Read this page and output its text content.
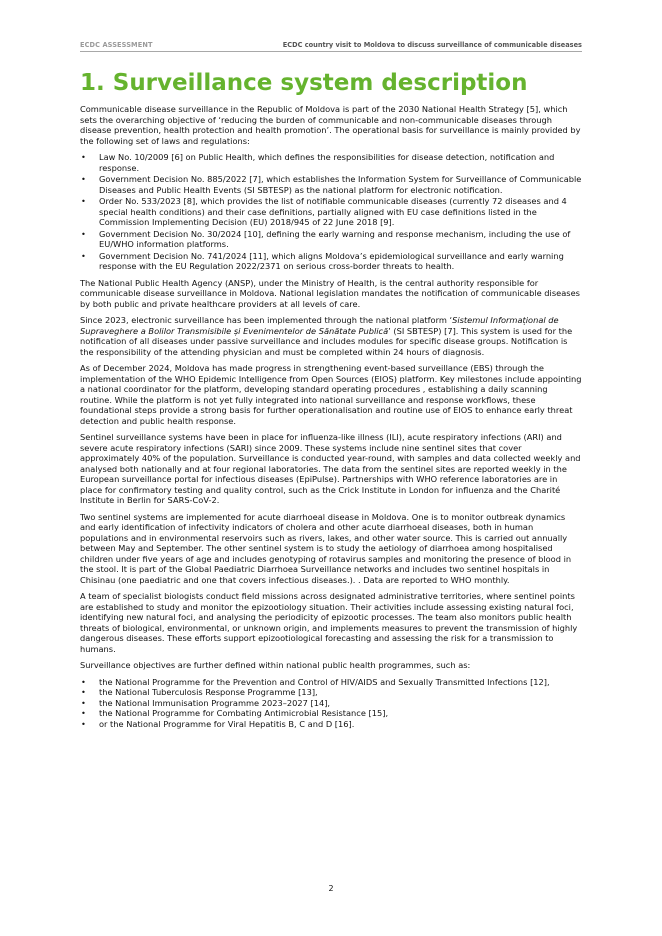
ECDC ASSESSMENT	ECDC country visit to Moldova to discuss surveillance of communicable diseases
1. Surveillance system description

Communicable disease surveillance in the Republic of Moldova is part of the 2030 National Health Strategy [5], which sets the overarching objective of ‘reducing the burden of communicable and non-communicable diseases through disease prevention, health protection and health promotion’. The operational basis for surveillance is mainly provided by the following set of laws and regulations:

• Law No. 10/2009 [6] on Public Health, which defines the responsibilities for disease detection, notification and response.
• Government Decision No. 885/2022 [7], which establishes the Information System for Surveillance of Communicable Diseases and Public Health Events (SI SBTESP) as the national platform for electronic notification.
• Order No. 533/2023 [8], which provides the list of notifiable communicable diseases (currently 72 diseases and 4 special health conditions) and their case definitions, partially aligned with EU case definitions listed in the Commission Implementing Decision (EU) 2018/945 of 22 June 2018 [9].
• Government Decision No. 30/2024 [10], defining the early warning and response mechanism, including the use of EU/WHO information platforms.
• Government Decision No. 741/2024 [11], which aligns Moldova’s epidemiological surveillance and early warning response with the EU Regulation 2022/2371 on serious cross-border threats to health.

The National Public Health Agency (ANSP), under the Ministry of Health, is the central authority responsible for communicable disease surveillance in Moldova. National legislation mandates the notification of communicable diseases by both public and private healthcare providers at all levels of care.

Since 2023, electronic surveillance has been implemented through the national platform ‘Sistemul Informațional de Supraveghere a Bolilor Transmisibile și Evenimentelor de Sănătate Publică’ (SI SBTESP) [7]. This system is used for the notification of all diseases under passive surveillance and includes modules for specific disease groups. Notification is the responsibility of the attending physician and must be completed within 24 hours of diagnosis.

As of December 2024, Moldova has made progress in strengthening event-based surveillance (EBS) through the implementation of the WHO Epidemic Intelligence from Open Sources (EIOS) platform. Key milestones include appointing a national coordinator for the platform, developing standard operating procedures , establishing a daily scanning routine. While the platform is not yet fully integrated into national surveillance and response workflows, these foundational steps provide a strong basis for further operationalisation and routine use of EIOS to enhance early threat detection and public health response.

Sentinel surveillance systems have been in place for influenza-like illness (ILI), acute respiratory infections (ARI) and severe acute respiratory infections (SARI) since 2009. These systems include nine sentinel sites that cover approximately 40% of the population. Surveillance is conducted year-round, with samples and data collected weekly and analysed both nationally and at four regional laboratories. The data from the sentinel sites are reported weekly in the European surveillance portal for infectious diseases (EpiPulse). Partnerships with WHO reference laboratories are in place for confirmatory testing and quality control, such as the Crick Institute in London for influenza and the Charité Institute in Berlin for SARS-CoV-2.

Two sentinel systems are implemented for acute diarrhoeal disease in Moldova. One is to monitor outbreak dynamics and early identification of infectivity indicators of cholera and other acute diarrhoeal diseases, both in human populations and in environmental reservoirs such as rivers, lakes, and other water source. This is carried out annually between May and September. The other sentinel system is to study the aetiology of diarrhoea among hospitalised children under five years of age and includes genotyping of rotavirus samples and monitoring the presence of blood in the stool. It is part of the Global Paediatric Diarrhoea Surveillance networks and includes two sentinel hospitals in Chisinau (one paediatric and one that covers infectious diseases.). . Data are reported to WHO monthly.

A team of specialist biologists conduct field missions across designated administrative territories, where sentinel points are established to study and monitor the epizootiology situation. Their activities include assessing existing natural foci, identifying new natural foci, and analysing the periodicity of epizootic processes. The team also monitors public health threats of biological, environmental, or unknown origin, and implements measures to prevent the transmission of highly dangerous diseases. These efforts support epizootiological forecasting and assessing the risk for a transmission to humans.

Surveillance objectives are further defined within national public health programmes, such as:

• the National Programme for the Prevention and Control of HIV/AIDS and Sexually Transmitted Infections [12],
• the National Tuberculosis Response Programme [13],
• the National Immunisation Programme 2023–2027 [14],
• the National Programme for Combating Antimicrobial Resistance [15],
• or the National Programme for Viral Hepatitis B, C and D [16].
2
